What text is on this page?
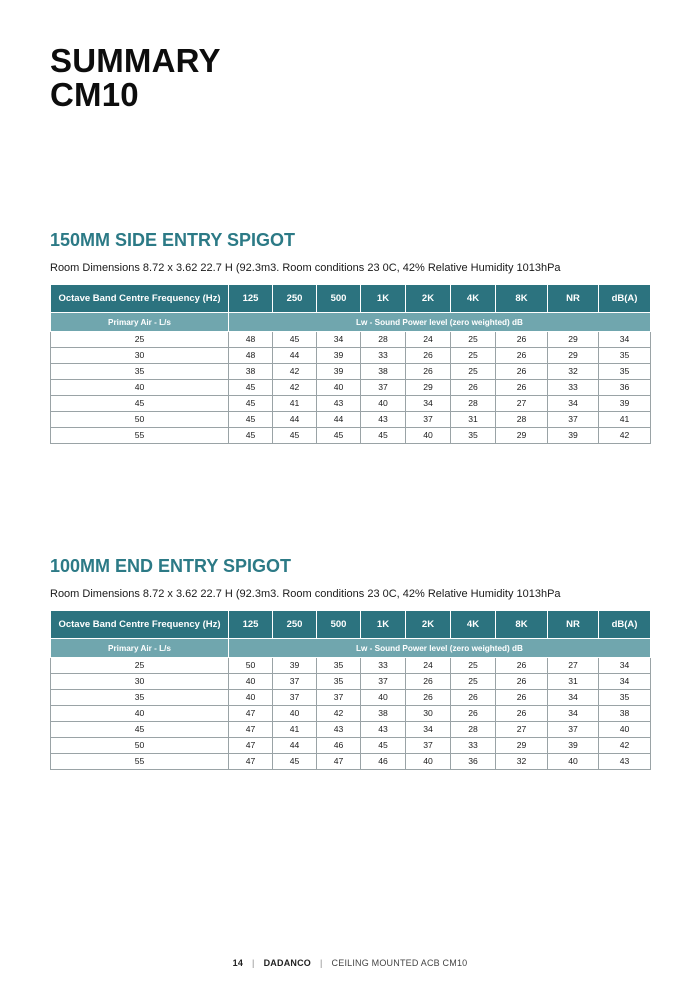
SUMMARY
CM10
150MM SIDE ENTRY SPIGOT

Room Dimensions 8.72 x 3.62 22.7 H (92.3m3. Room conditions 23 0C, 42% Relative Humidity 1013hPa

Octave Band Centre Frequency (Hz)	125	250	500	1K	2K	4K	8K	NR	dB(A)
Primary Air - L/s	Lw - Sound Power level (zero weighted) dB								
25	48	45	34	28	24	25	26	29	34
30	48	44	39	33	26	25	26	29	35
35	38	42	39	38	26	25	26	32	35
40	45	42	40	37	29	26	26	33	36
45	45	41	43	40	34	28	27	34	39
50	45	44	44	43	37	31	28	37	41
55	45	45	45	45	40	35	29	39	42
100MM END ENTRY SPIGOT

Room Dimensions 8.72 x 3.62 22.7 H (92.3m3. Room conditions 23 0C, 42% Relative Humidity 1013hPa

Octave Band Centre Frequency (Hz)	125	250	500	1K	2K	4K	8K	NR	dB(A)
Primary Air - L/s	Lw - Sound Power level (zero weighted) dB								
25	50	39	35	33	24	25	26	27	34
30	40	37	35	37	26	25	26	31	34
35	40	37	37	40	26	26	26	34	35
40	47	40	42	38	30	26	26	34	38
45	47	41	43	43	34	28	27	37	40
50	47	44	46	45	37	33	29	39	42
55	47	45	47	46	40	36	32	40	43
14 | DADANCO | CEILING MOUNTED ACB CM10
